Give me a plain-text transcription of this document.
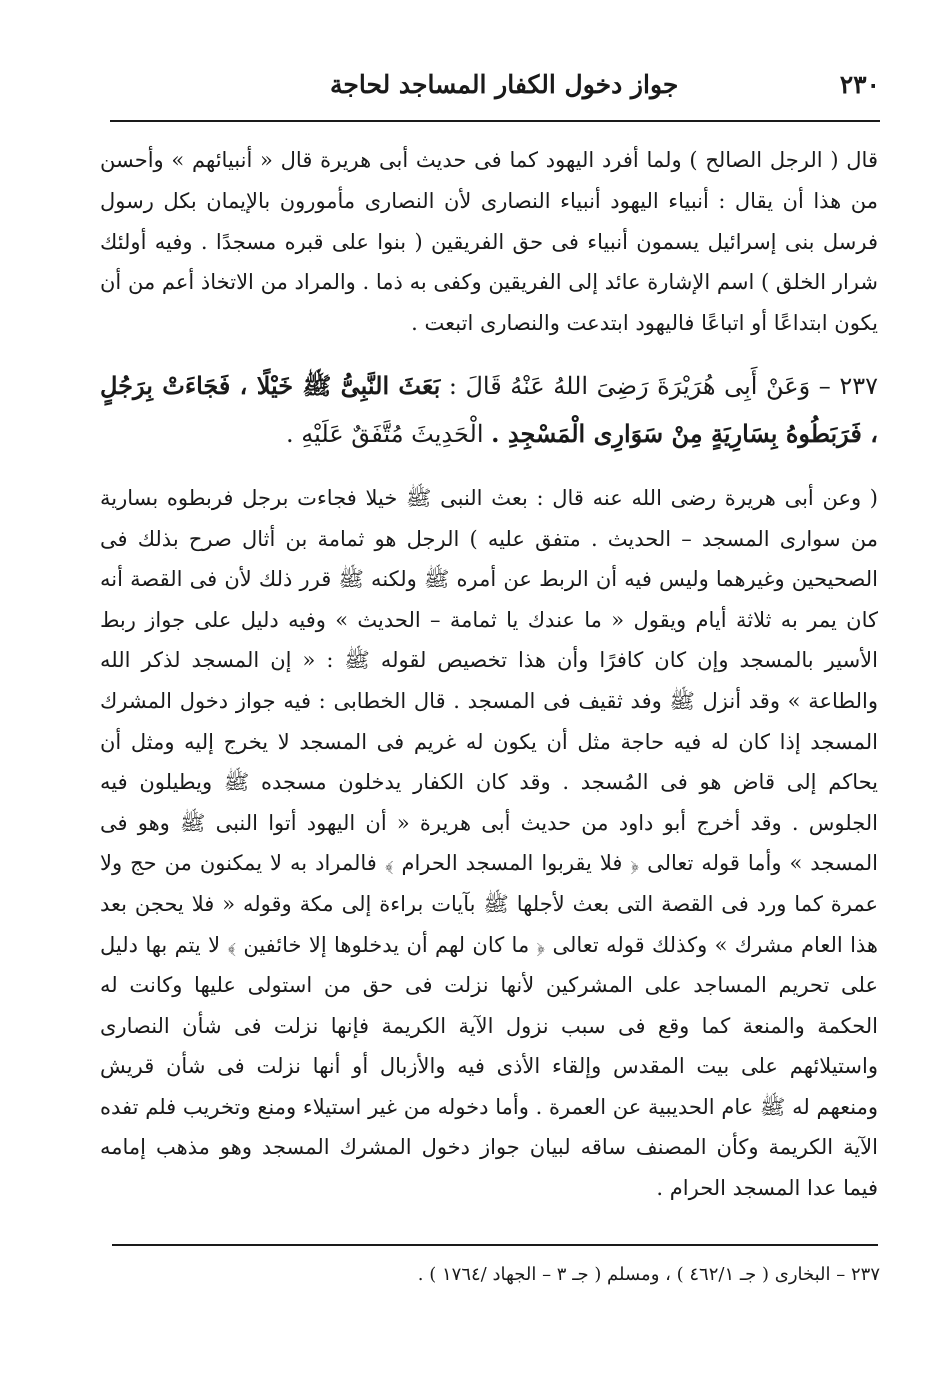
٢٣٠
جواز دخول الكفار المساجد لحاجة

قال ( الرجل الصالح ) ولما أفرد اليهود كما فى حديث أبى هريرة قال « أنبيائهم » وأحسن من هذا أن يقال : أنبياء اليهود أنبياء النصارى لأن النصارى مأمورون بالإيمان بكل رسول فرسل بنى إسرائيل يسمون أنبياء فى حق الفريقين ( بنوا على قبره مسجدًا . وفيه أولئك شرار الخلق ) اسم الإشارة عائد إلى الفريقين وكفى به ذما . والمراد من الاتخاذ أعم من أن يكون ابتداعًا أو اتباعًا فاليهود ابتدعت والنصارى اتبعت .

٢٣٧ – وَعَنْ أَبِى هُرَيْرَةَ رَضِىَ اللهُ عَنْهُ قَالَ : بَعَثَ النَّبِىُّ ﷺ خَيْلًا ، فَجَاءَتْ بِرَجُلٍ ، فَرَبَطُوهُ بِسَارِيَةٍ مِنْ سَوَارِى الْمَسْجِدِ . الْحَدِيثَ مُتَّفَقٌ عَلَيْهِ .

( وعن أبى هريرة رضى الله عنه قال : بعث النبى ﷺ خيلا فجاءت برجل فربطوه بسارية من سوارى المسجد – الحديث . متفق عليه ) الرجل هو ثمامة بن أثال صرح بذلك فى الصحيحين وغيرهما وليس فيه أن الربط عن أمره ﷺ ولكنه ﷺ قرر ذلك لأن فى القصة أنه كان يمر به ثلاثة أيام ويقول « ما عندك يا ثمامة – الحديث » وفيه دليل على جواز ربط الأسير بالمسجد وإن كان كافرًا وأن هذا تخصيص لقوله ﷺ : « إن المسجد لذكر الله والطاعة » وقد أنزل ﷺ وفد ثقيف فى المسجد . قال الخطابى : فيه جواز دخول المشرك المسجد إذا كان له فيه حاجة مثل أن يكون له غريم فى المسجد لا يخرج إليه ومثل أن يحاكم إلى قاض هو فى المُسجد . وقد كان الكفار يدخلون مسجده ﷺ ويطيلون فيه الجلوس . وقد أخرج أبو داود من حديث أبى هريرة « أن اليهود أتوا النبى ﷺ وهو فى المسجد » وأما قوله تعالى ﴿ فلا يقربوا المسجد الحرام ﴾ فالمراد به لا يمكنون من حج ولا عمرة كما ورد فى القصة التى بعث لأجلها ﷺ بآيات براءة إلى مكة وقوله « فلا يحجن بعد هذا العام مشرك » وكذلك قوله تعالى ﴿ ما كان لهم أن يدخلوها إلا خائفين ﴾ لا يتم بها دليل على تحريم المساجد على المشركين لأنها نزلت فى حق من استولى عليها وكانت له الحكمة والمنعة كما وقع فى سبب نزول الآية الكريمة فإنها نزلت فى شأن النصارى واستيلائهم على بيت المقدس وإلقاء الأذى فيه والأزبال أو أنها نزلت فى شأن قريش ومنعهم له ﷺ عام الحديبية عن العمرة . وأما دخوله من غير استيلاء ومنع وتخريب فلم تفده الآية الكريمة وكأن المصنف ساقه لبيان جواز دخول المشرك المسجد وهو مذهب إمامه فيما عدا المسجد الحرام .

٢٣٧ – البخارى ( جـ ٤٦٢/١ ) ، ومسلم ( جـ ٣ – الجهاد /١٧٦٤ ) .
